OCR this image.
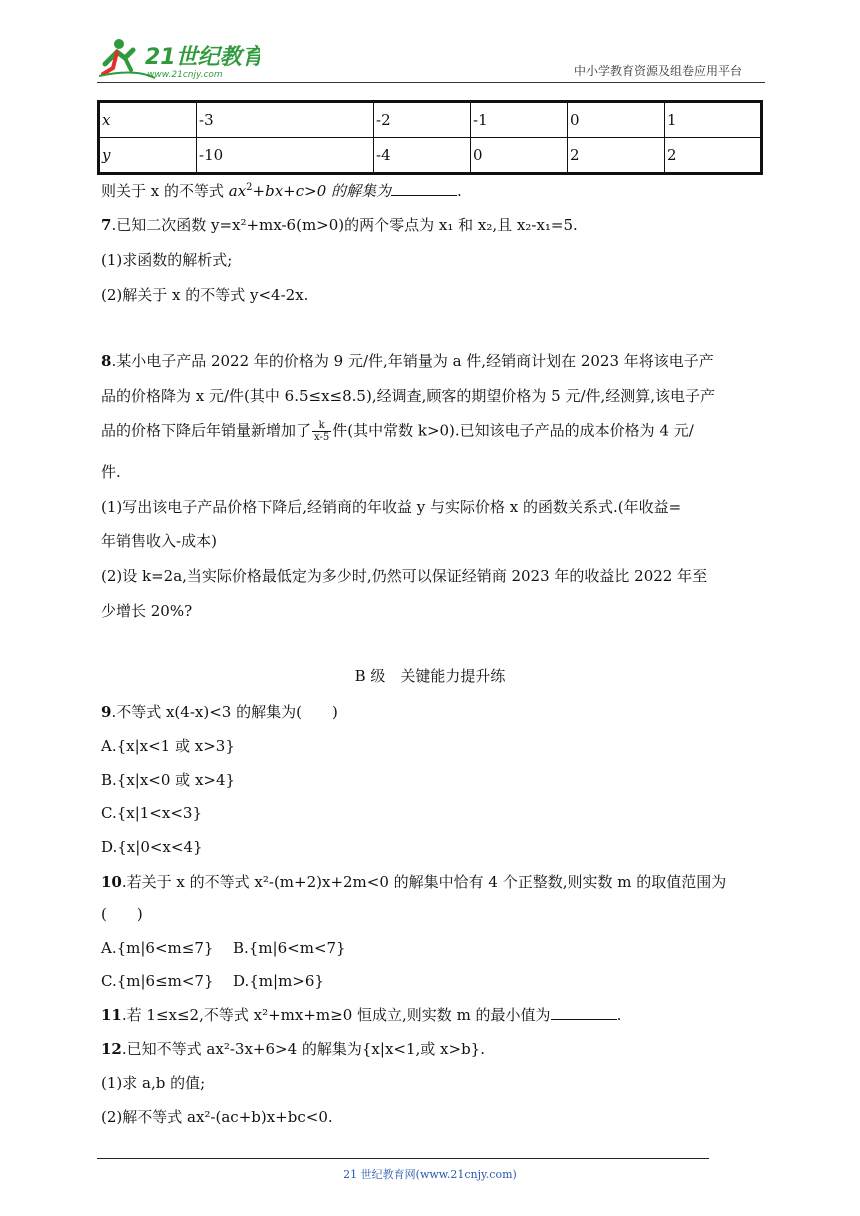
21世纪教育
www.21cnjy.com	中小学教育资源及组卷应用平台
x	-3	-2	-1	0	1
y	-10	-4	0	2	2
则关于 x 的不等式 $ax^2+bx+c>0$ 的解集为	.
7.已知二次函数 y=x²+mx-6(m>0)的两个零点为 x₁ 和 x₂,且 x₂-x₁=5.
(1)求函数的解析式;
(2)解关于 x 的不等式 y<4-2x.
8.某小电子产品 2022 年的价格为 9 元/件,年销量为 a 件,经销商计划在 2023 年将该电子产
品的价格降为 x 元/件(其中 6.5≤x≤8.5),经调查,顾客的期望价格为 5 元/件,经测算,该电子产
品的价格下降后年销量新增加了 $\frac{k}{x-5}$ 件(其中常数 k>0).已知该电子产品的成本价格为 4 元/
件.
(1)写出该电子产品价格下降后,经销商的年收益 y 与实际价格 x 的函数关系式.(年收益=
年销售收入-成本)
(2)设 k=2a,当实际价格最低定为多少时,仍然可以保证经销商 2023 年的收益比 2022 年至
少增长 20%?
B 级　关键能力提升练
9.不等式 x(4-x)<3 的解集为(　　)
A.{x|x<1 或 x>3}
B.{x|x<0 或 x>4}
C.{x|1<x<3}
D.{x|0<x<4}
10.若关于 x 的不等式 x²-(m+2)x+2m<0 的解集中恰有 4 个正整数,则实数 m 的取值范围为
(　　)
A.{m|6<m≤7} B.{m|6<m<7}
C.{m|6≤m<7} D.{m|m>6}
11.若 1≤x≤2,不等式 x²+mx+m≥0 恒成立,则实数 m 的最小值为	.
12.已知不等式 ax²-3x+6>4 的解集为{x|x<1,或 x>b}.
(1)求 a,b 的值;
(2)解不等式 ax²-(ac+b)x+bc<0.
21 世纪教育网(www.21cnjy.com)
